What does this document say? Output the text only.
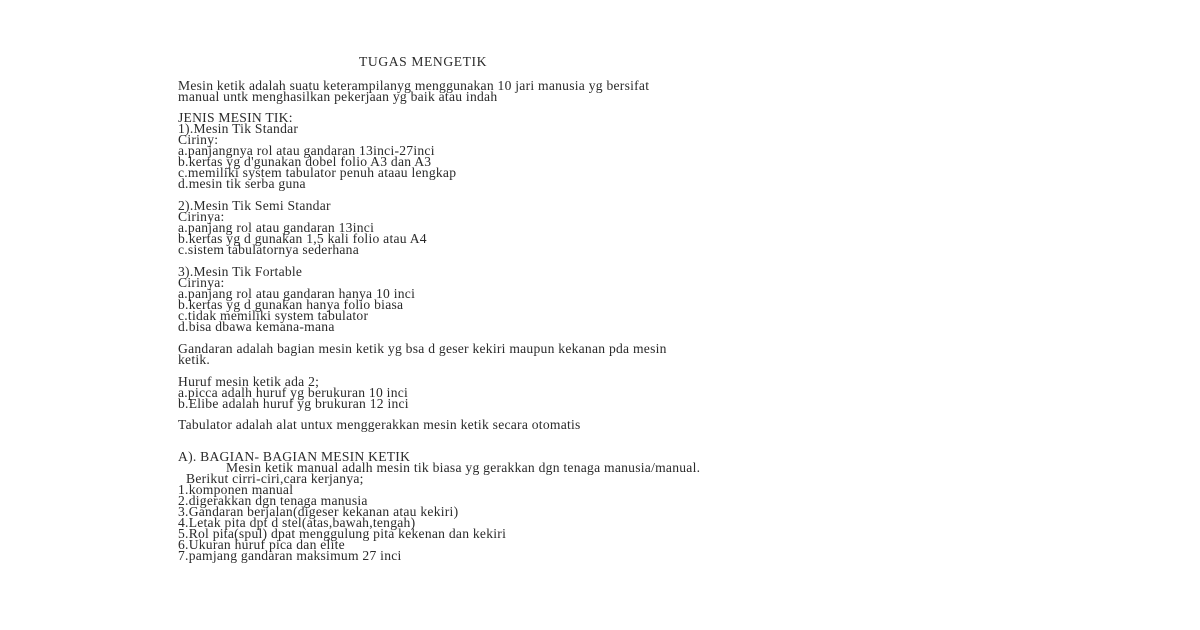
TUGAS MENGETIK
Mesin ketik adalah suatu keterampilanyg menggunakan 10 jari manusia yg bersifat
manual untk menghasilkan pekerjaan yg baik atau indah
JENIS MESIN TIK:
1).Mesin Tik Standar
Ciriny:
a.panjangnya rol atau gandaran 13inci-27inci
b.kertas yg d'gunakan dobel folio A3 dan A3
c.memiliki system tabulator penuh ataau lengkap
d.mesin tik serba guna
2).Mesin Tik Semi Standar
Cirinya:
a.panjang rol atau gandaran 13inci
b.kertas yg d gunakan 1,5 kali folio atau A4
c.sistem tabulatornya sederhana
3).Mesin Tik Fortable
Cirinya:
a.panjang rol atau gandaran hanya 10 inci
b.kertas yg d gunakan hanya folio biasa
c.tidak memiliki system tabulator
d.bisa dbawa kemana-mana
Gandaran adalah bagian mesin ketik yg bsa d geser kekiri maupun kekanan pda mesin
ketik.
Huruf mesin ketik ada 2;
a.picca adalh huruf yg berukuran 10 inci
b.Elibe adalah huruf yg brukuran 12 inci
Tabulator adalah alat untux menggerakkan mesin ketik secara otomatis
A). BAGIAN- BAGIAN MESIN KETIK
Mesin ketik manual adalh mesin tik biasa yg gerakkan dgn tenaga manusia/manual.
Berikut cirri-ciri,cara kerjanya;
1.komponen manual
2.digerakkan dgn tenaga manusia
3.Gandaran berjalan(digeser kekanan atau kekiri)
4.Letak pita dpt d stel(atas,bawah,tengah)
5.Rol pita(spul) dpat menggulung pita kekenan dan kekiri
6.Ukuran huruf pica dan elite
7.pamjang gandaran maksimum 27 inci
